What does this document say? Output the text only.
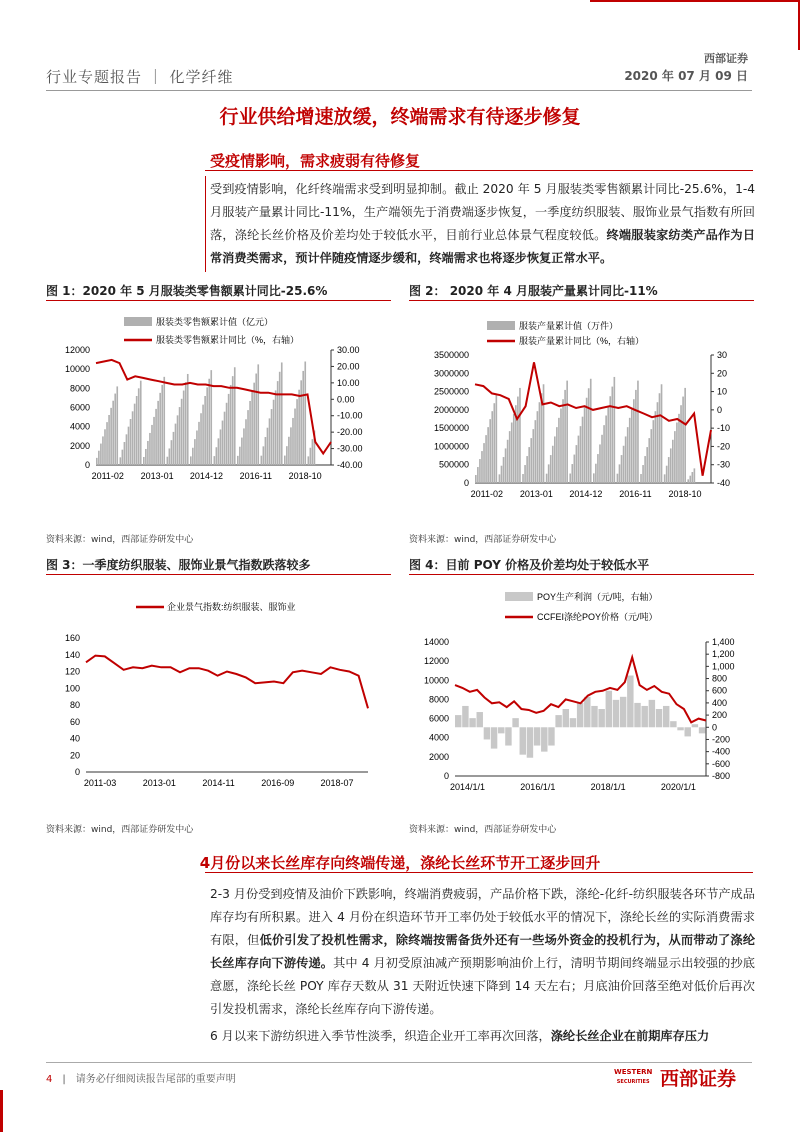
行业专题报告 ｜ 化学纤维
西部证券
2020 年 07 月 09 日
行业供给增速放缓，终端需求有待逐步修复
受疫情影响，需求疲弱有待修复
受到疫情影响，化纤终端需求受到明显抑制。截止 2020 年 5 月服装类零售额累计同比-25.6%，1-4 月服装产量累计同比-11%，生产端领先于消费端逐步恢复，一季度纺织服装、服饰业景气指数有所回落，涤纶长丝价格及价差均处于较低水平，目前行业总体景气程度较低。终端服装家纺类产品作为日常消费类需求，预计伴随疫情逐步缓和，终端需求也将逐步恢复正常水平。
图 1：2020 年 5 月服装类零售额累计同比-25.6%	图 2： 2020 年 4 月服装产量累计同比-11%
服装类零售额累计值（亿元）
服装类零售额累计同比（%，右轴）
0
2000
4000
6000
8000
10000
12000
-40.00
-30.00
-20.00
-10.00
0.00
10.00
20.00
30.00
2011-02 2013-01 2014-12 2016-11 2018-10
服装产量累计值（万件）
服装产量累计同比（%，右轴）
0
500000
1000000
1500000
2000000
2500000
3000000
3500000
-40
-30
-20
-10
0
10
20
30
2011-02 2013-01 2014-12 2016-11 2018-10
资料来源：wind，西部证券研发中心	资料来源：wind，西部证券研发中心
图 3：一季度纺织服装、服饰业景气指数跌落较多	图 4：目前 POY 价格及价差均处于较低水平
企业景气指数:纺织服装、服饰业
0
20
40
60
80
100
120
140
160
2011-03	2013-01	2014-11	2016-09	2018-07
POY生产利润（元/吨，右轴）
CCFEI涤纶POY价格（元/吨）
0
2000
4000
6000
8000
10000
12000
14000
-800
-600
-400
-200
0
200
400
600
800
1,000
1,200
1,400
2014/1/1	2016/1/1	2018/1/1	2020/1/1
资料来源：wind，西部证券研发中心	资料来源：wind，西部证券研发中心
4月份以来长丝库存向终端传递，涤纶长丝环节开工逐步回升
2-3 月份受到疫情及油价下跌影响，终端消费疲弱，产品价格下跌，涤纶-化纤-纺织服装各环节产成品库存均有所积累。进入 4 月份在织造环节开工率仍处于较低水平的情况下，涤纶长丝的实际消费需求有限，但低价引发了投机性需求，除终端按需备货外还有一些场外资金的投机行为，从而带动了涤纶长丝库存向下游传递。其中 4 月初受原油减产预期影响油价上行，清明节期间终端显示出较强的抄底意愿，涤纶长丝 POY 库存天数从 31 天附近快速下降到 14 天左右；月底油价回落至绝对低价后再次引发投机需求，涤纶长丝库存向下游传递。
6 月以来下游纺织进入季节性淡季，织造企业开工率再次回落，涤纶长丝企业在前期库存压力
4　|　请务必仔细阅读报告尾部的重要声明
WESTERN
SECURITIES 西部证券
